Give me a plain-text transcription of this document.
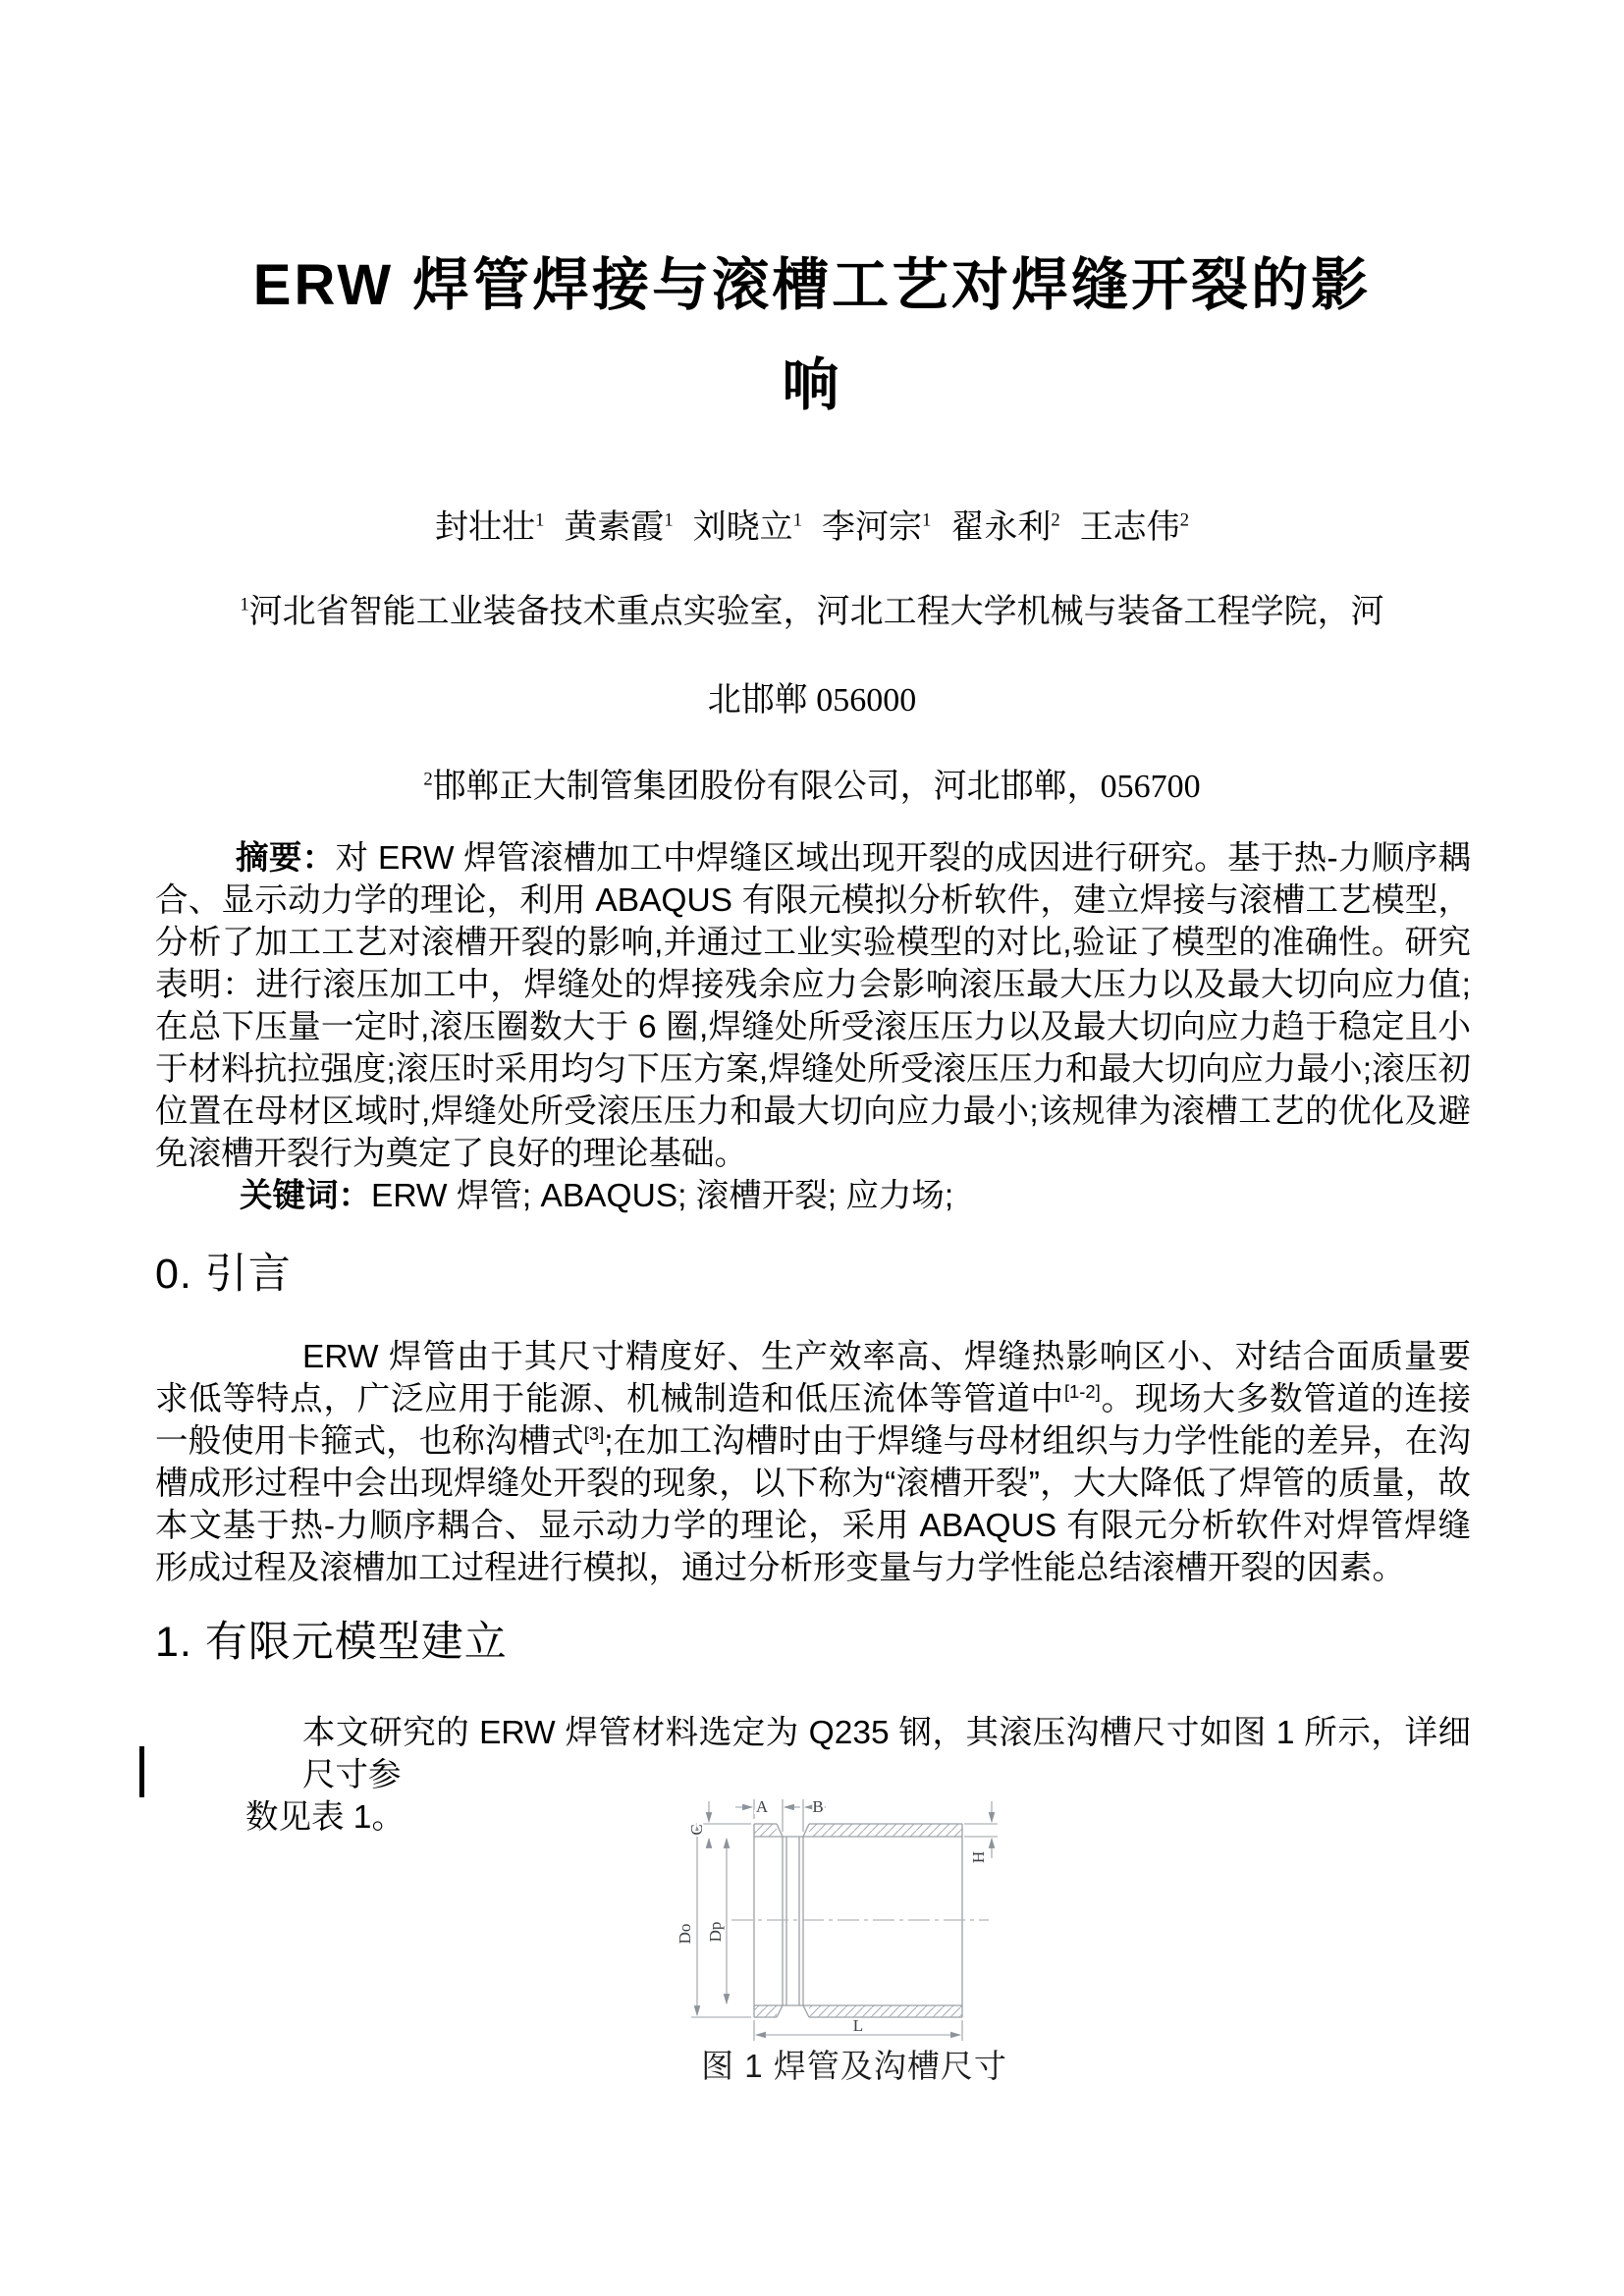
ERW 焊管焊接与滚槽工艺对焊缝开裂的影
响
封壮壮$^1$ 黄素霞$^1$ 刘晓立$^1$ 李河宗$^1$ 翟永利$^2$ 王志伟$^2$
$^1$河北省智能工业装备技术重点实验室，河北工程大学机械与装备工程学院，河
北邯郸 056000
$^2$邯郸正大制管集团股份有限公司，河北邯郸，056700

摘要：对 ERW 焊管滚槽加工中焊缝区域出现开裂的成因进行研究。基于热-力顺序耦合、显示动力学的理论，利用 ABAQUS 有限元模拟分析软件，建立焊接与滚槽工艺模型，分析了加工工艺对滚槽开裂的影响,并通过工业实验模型的对比,验证了模型的准确性。研究表明：进行滚压加工中，焊缝处的焊接残余应力会影响滚压最大压力以及最大切向应力值;在总下压量一定时,滚压圈数大于 6 圈,焊缝处所受滚压压力以及最大切向应力趋于稳定且小于材料抗拉强度;滚压时采用均匀下压方案,焊缝处所受滚压压力和最大切向应力最小;滚压初位置在母材区域时,焊缝处所受滚压压力和最大切向应力最小;该规律为滚槽工艺的优化及避免滚槽开裂行为奠定了良好的理论基础。

关键词：ERW 焊管; ABAQUS; 滚槽开裂; 应力场;

0. 引言

ERW 焊管由于其尺寸精度好、生产效率高、焊缝热影响区小、对结合面质量要求低等特点，广泛应用于能源、机械制造和低压流体等管道中[1-2]。现场大多数管道的连接一般使用卡箍式，也称沟槽式[3];在加工沟槽时由于焊缝与母材组织与力学性能的差异，在沟槽成形过程中会出现焊缝处开裂的现象，以下称为“滚槽开裂”，大大降低了焊管的质量，故本文基于热-力顺序耦合、显示动力学的理论，采用 ABAQUS 有限元分析软件对焊管焊缝形成过程及滚槽加工过程进行模拟，通过分析形变量与力学性能总结滚槽开裂的因素。

1. 有限元模型建立
本文研究的 ERW 焊管材料选定为 Q235 钢，其滚压沟槽尺寸如图 1 所示，详细尺寸参
数见表 1。	A	B
C
Do Dp
H
L
图 1 焊管及沟槽尺寸
